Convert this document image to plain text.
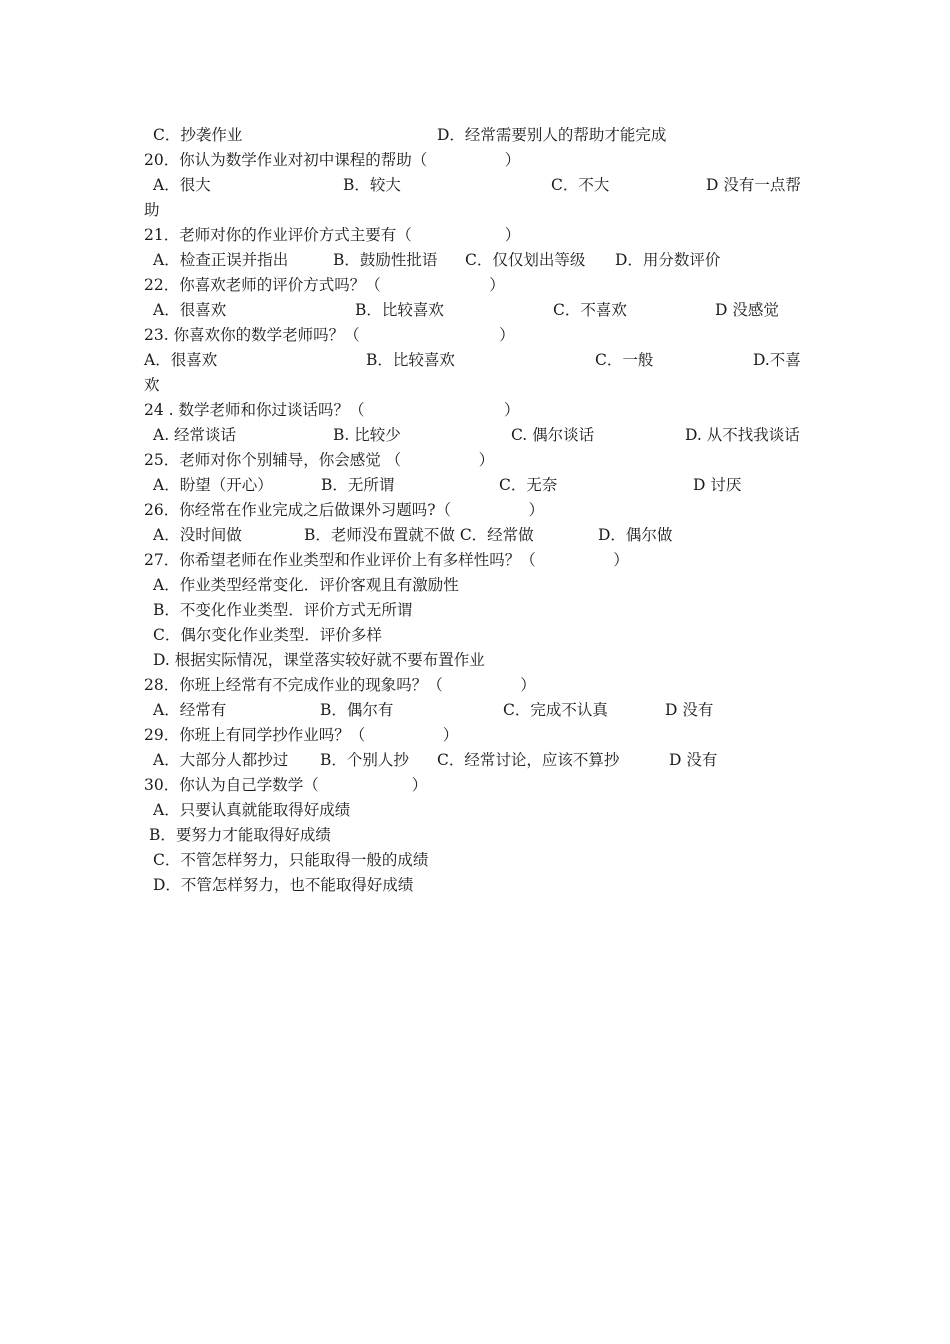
C．抄袭作业	D．经常需要别人的帮助才能完成
20．你认为数学作业对初中课程的帮助（　　　　　）
A．很大	B．较大	C．不大	D 没有一点帮
助
21．老师对你的作业评价方式主要有（　　　　　　）
A．检查正误并指出	B．鼓励性批语 C．仅仅划出等级 D．用分数评价
22．你喜欢老师的评价方式吗？（　　　　　　　）
A．很喜欢	B．比较喜欢	C．不喜欢	D 没感觉
23. 你喜欢你的数学老师吗？（　　　　　　　　　）
A．很喜欢	B．比较喜欢	C．一般	D.不喜
欢
24 . 数学老师和你过谈话吗？（　　　　　　　　　）
A. 经常谈话	B. 比较少	C. 偶尔谈话	D. 从不找我谈话
25．老师对你个别辅导，你会感觉 （　　　　　）
A．盼望（开心）	B．无所谓	C．无奈	D 讨厌
26．你经常在作业完成之后做课外习题吗?（　　　　　）
A．没时间做	B．老师没布置就不做 C．经常做	D．偶尔做
27．你希望老师在作业类型和作业评价上有多样性吗？（　　　　　）
A．作业类型经常变化．评价客观且有激励性
B．不变化作业类型．评价方式无所谓
C．偶尔变化作业类型．评价多样
D. 根据实际情况，课堂落实较好就不要布置作业
28．你班上经常有不完成作业的现象吗？（　　　　　）
A．经常有	B．偶尔有	C．完成不认真	D 没有
29．你班上有同学抄作业吗？（　　　　　）
A．大部分人都抄过 B．个别人抄 C．经常讨论，应该不算抄	D 没有
30．你认为自己学数学（　　　　　　）
A．只要认真就能取得好成绩
B．要努力才能取得好成绩
C．不管怎样努力，只能取得一般的成绩
D．不管怎样努力，也不能取得好成绩
